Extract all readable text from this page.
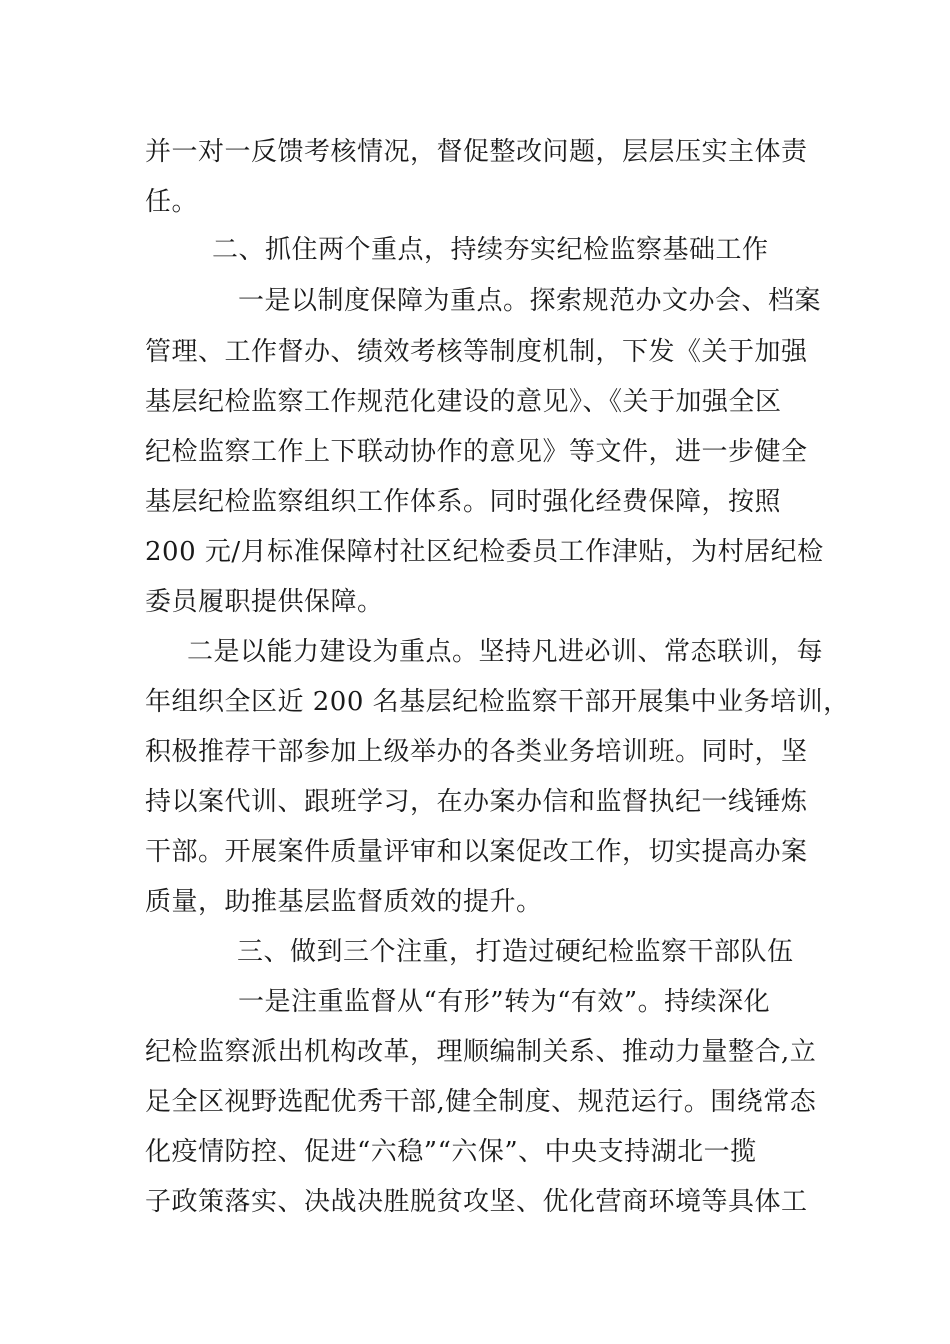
并一对一反馈考核情况，督促整改问题，层层压实主体责
任。
二、抓住两个重点，持续夯实纪检监察基础工作
一是以制度保障为重点。探索规范办文办会、档案
管理、工作督办、绩效考核等制度机制，下发《关于加强
基层纪检监察工作规范化建设的意见》、《关于加强全区
纪检监察工作上下联动协作的意见》等文件，进一步健全
基层纪检监察组织工作体系。同时强化经费保障，按照
200 元/月标准保障村社区纪检委员工作津贴，为村居纪检
委员履职提供保障。
二是以能力建设为重点。坚持凡进必训、常态联训，每
年组织全区近 200 名基层纪检监察干部开展集中业务培训，
积极推荐干部参加上级举办的各类业务培训班。同时，坚
持以案代训、跟班学习，在办案办信和监督执纪一线锤炼
干部。开展案件质量评审和以案促改工作，切实提高办案
质量，助推基层监督质效的提升。
三、做到三个注重，打造过硬纪检监察干部队伍
一是注重监督从“有形”转为“有效”。持续深化
纪检监察派出机构改革，理顺编制关系、推动力量整合,立
足全区视野选配优秀干部,健全制度、规范运行。围绕常态
化疫情防控、促进“六稳”“六保”、中央支持湖北一揽
子政策落实、决战决胜脱贫攻坚、优化营商环境等具体工
